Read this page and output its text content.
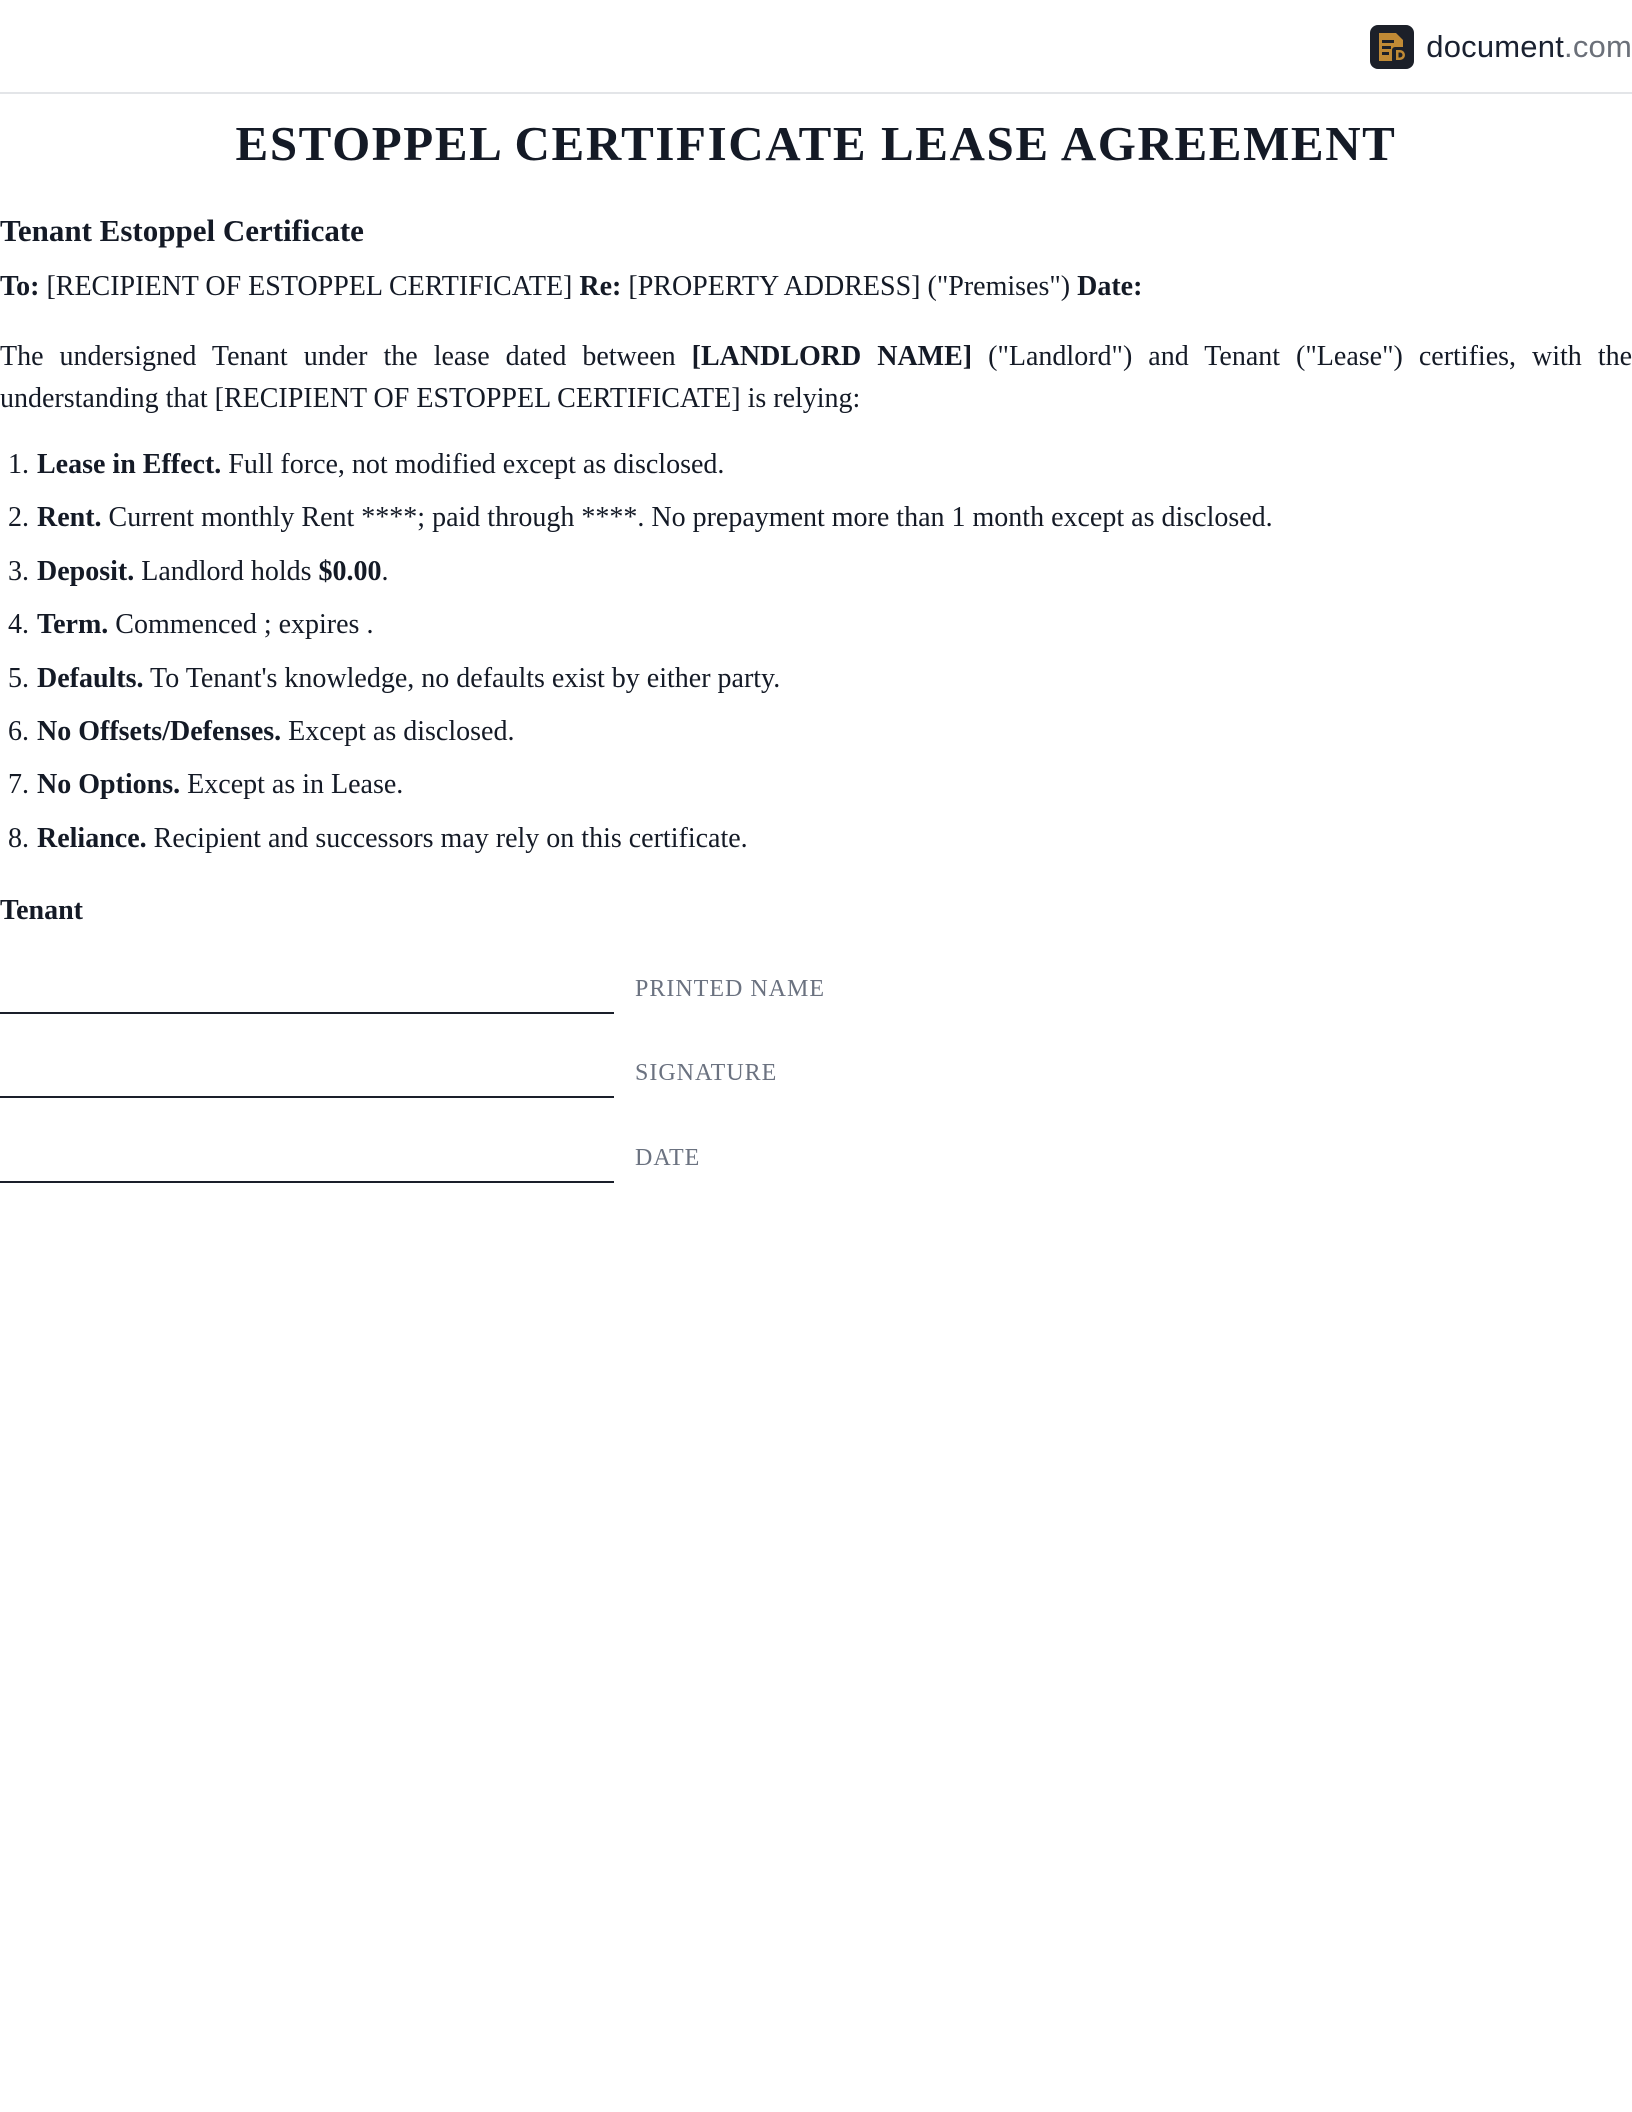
document.com
ESTOPPEL CERTIFICATE LEASE AGREEMENT
Tenant Estoppel Certificate
To: [RECIPIENT OF ESTOPPEL CERTIFICATE] Re: [PROPERTY ADDRESS] ("Premises") Date:

The undersigned Tenant under the lease dated between [LANDLORD NAME] ("Landlord") and Tenant ("Lease") certifies, with the understanding that [RECIPIENT OF ESTOPPEL CERTIFICATE] is relying:

1. Lease in Effect. Full force, not modified except as disclosed.
2. Rent. Current monthly Rent ****; paid through ****. No prepayment more than 1 month except as disclosed.
3. Deposit. Landlord holds $0.00.
4. Term. Commenced ; expires .
5. Defaults. To Tenant's knowledge, no defaults exist by either party.
6. No Offsets/Defenses. Except as disclosed.
7. No Options. Except as in Lease.
8. Reliance. Recipient and successors may rely on this certificate.
Tenant
PRINTED NAME
SIGNATURE
DATE
